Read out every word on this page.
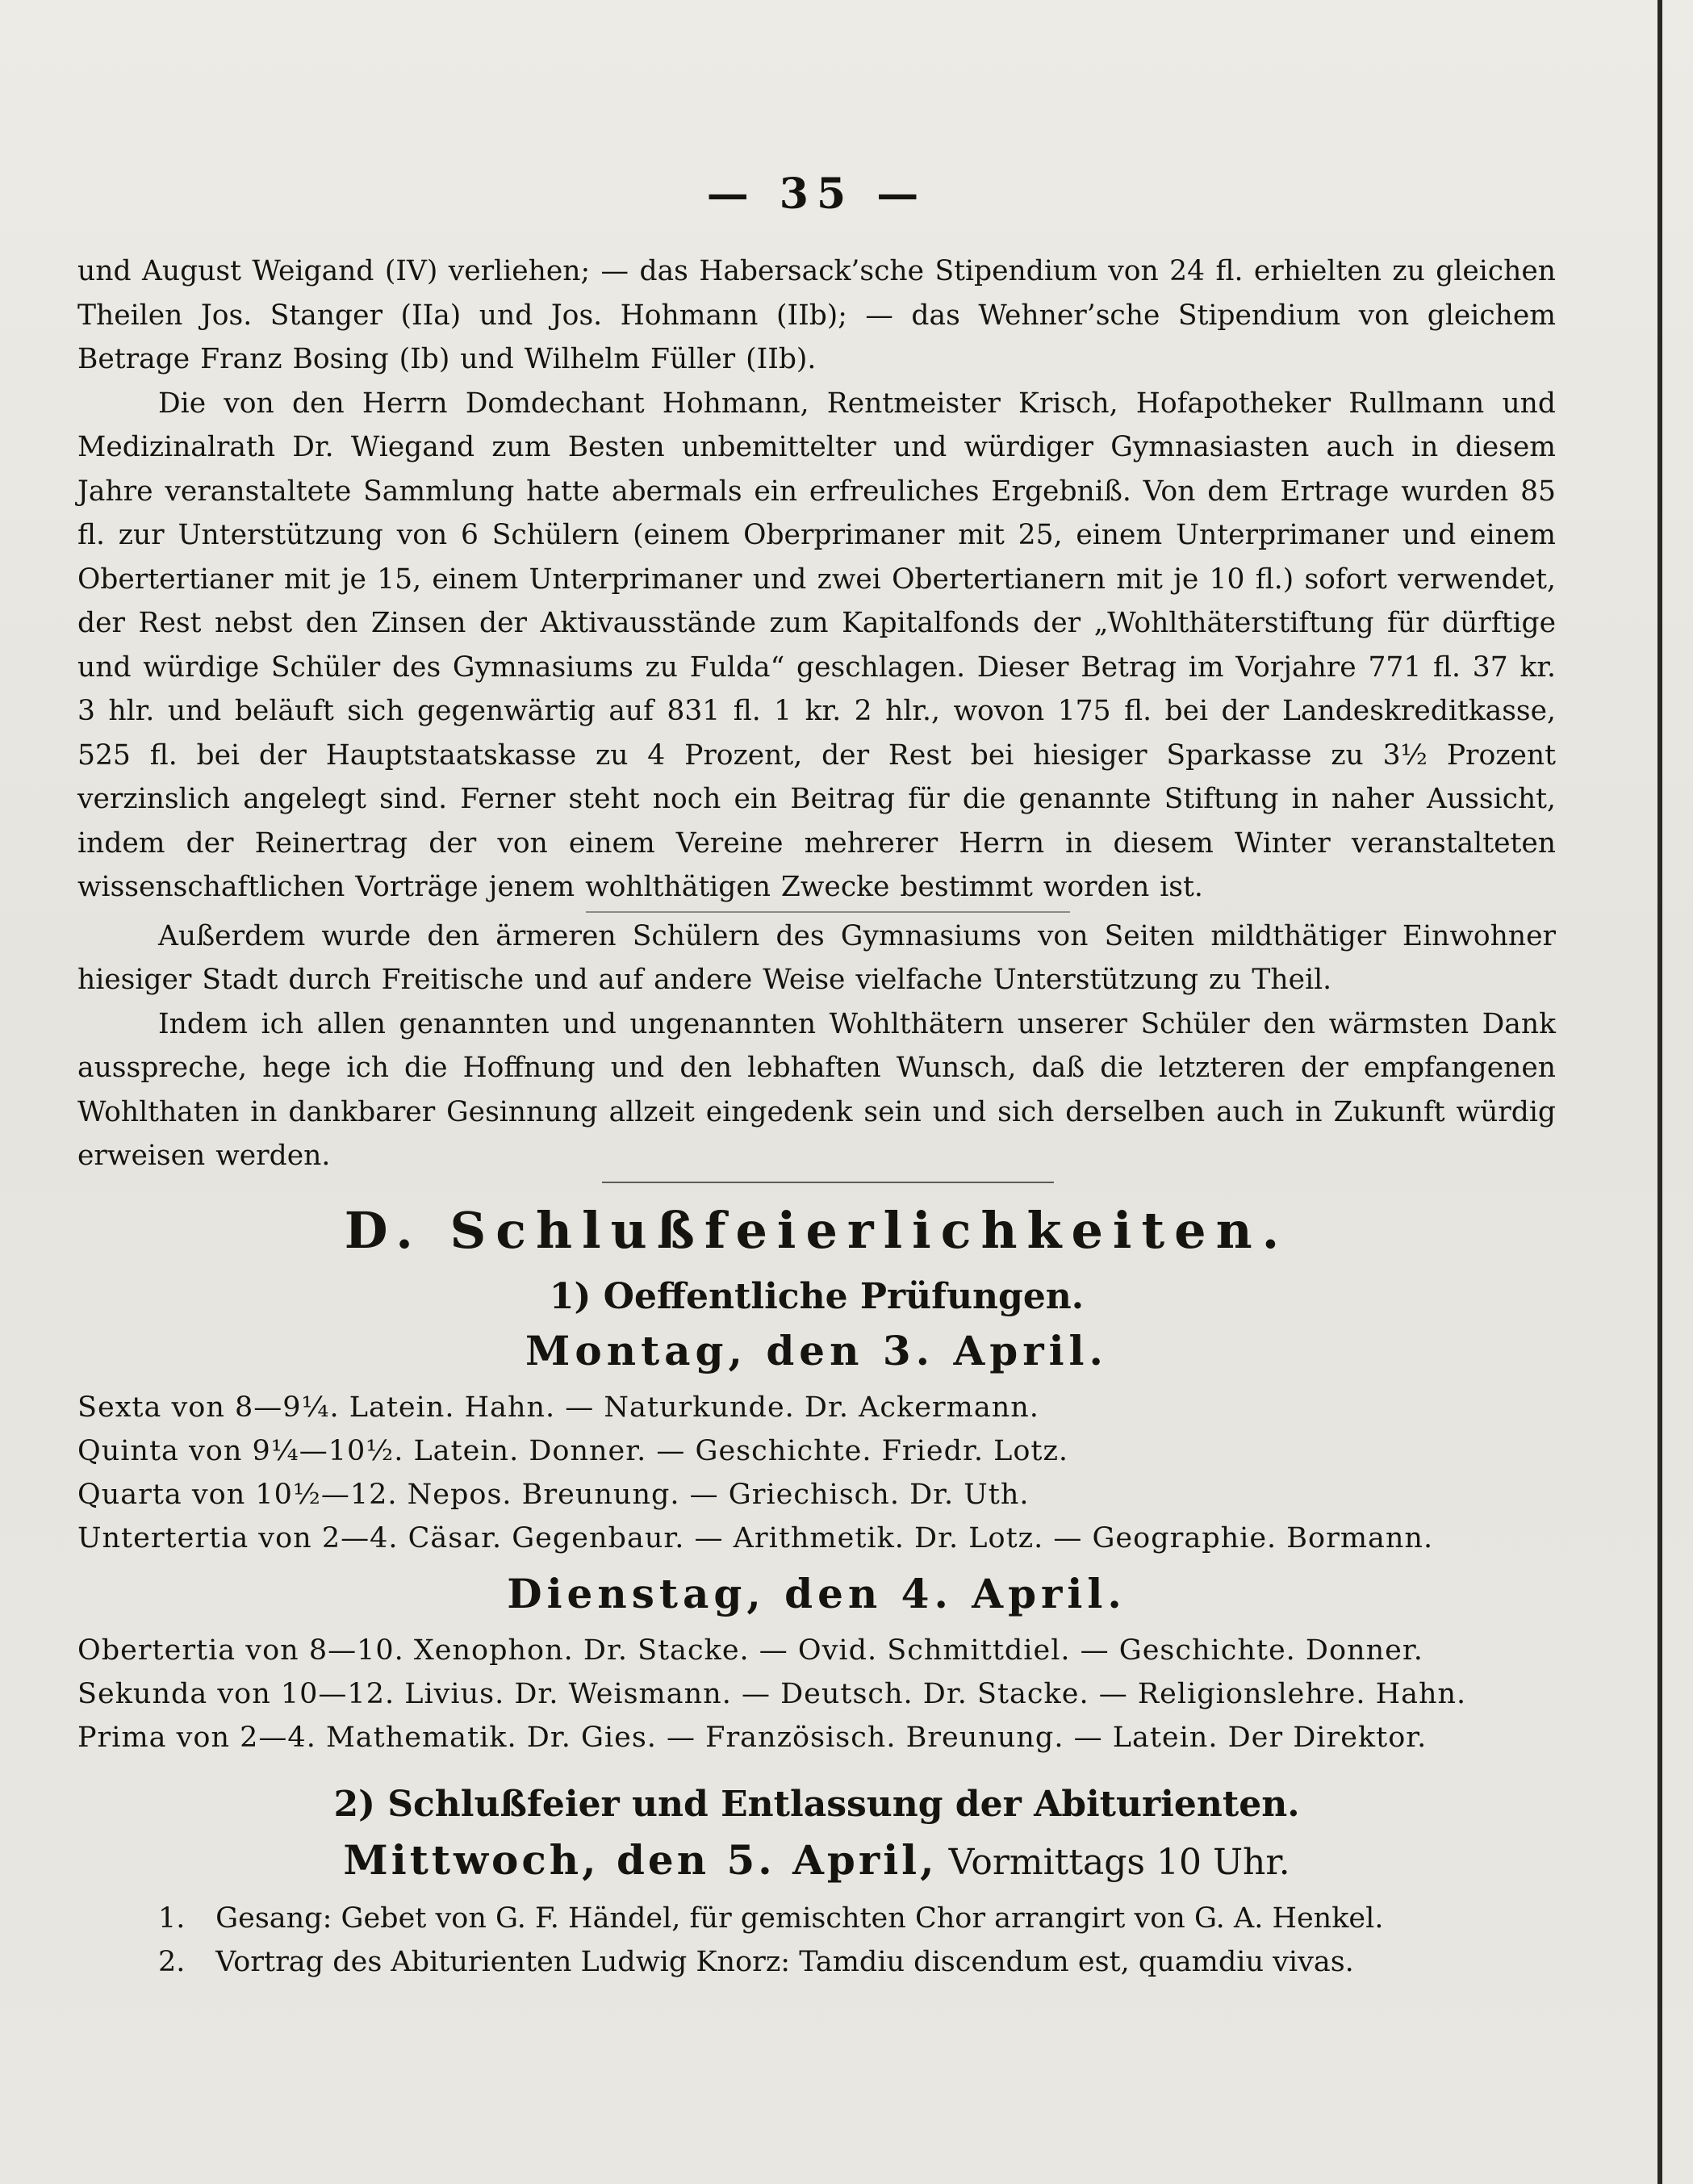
— 35 —

und August Weigand (IV) verliehen; — das Habersack’sche Stipendium von 24 fl. erhielten zu gleichen Theilen Jos. Stanger (IIa) und Jos. Hohmann (IIb); — das Wehner’sche Stipendium von gleichem Betrage Franz Bosing (Ib) und Wilhelm Füller (IIb).

Die von den Herrn Domdechant Hohmann, Rentmeister Krisch, Hofapotheker Rullmann und Medizinalrath Dr. Wiegand zum Besten unbemittelter und würdiger Gymnasiasten auch in diesem Jahre veranstaltete Sammlung hatte abermals ein erfreuliches Ergebniß. Von dem Ertrage wurden 85 fl. zur Unterstützung von 6 Schülern (einem Oberprimaner mit 25, einem Unterprimaner und einem Obertertianer mit je 15, einem Unterprimaner und zwei Obertertianern mit je 10 fl.) sofort verwendet, der Rest nebst den Zinsen der Aktivausstände zum Kapitalfonds der „Wohlthäterstiftung für dürftige und würdige Schüler des Gymnasiums zu Fulda“ geschlagen. Dieser Betrag im Vorjahre 771 fl. 37 kr. 3 hlr. und beläuft sich gegenwärtig auf 831 fl. 1 kr. 2 hlr., wovon 175 fl. bei der Landeskreditkasse, 525 fl. bei der Hauptstaatskasse zu 4 Prozent, der Rest bei hiesiger Sparkasse zu 3½ Prozent verzinslich angelegt sind. Ferner steht noch ein Beitrag für die genannte Stiftung in naher Aussicht, indem der Reinertrag der von einem Vereine mehrerer Herrn in diesem Winter veranstalteten wissenschaftlichen Vorträge jenem wohlthätigen Zwecke bestimmt worden ist.

Außerdem wurde den ärmeren Schülern des Gymnasiums von Seiten mildthätiger Einwohner hiesiger Stadt durch Freitische und auf andere Weise vielfache Unterstützung zu Theil.

Indem ich allen genannten und ungenannten Wohlthätern unserer Schüler den wärmsten Dank ausspreche, hege ich die Hoffnung und den lebhaften Wunsch, daß die letzteren der empfangenen Wohlthaten in dankbarer Gesinnung allzeit eingedenk sein und sich derselben auch in Zukunft würdig erweisen werden.

D. Schlußfeierlichkeiten.
1) Oeffentliche Prüfungen.
Montag, den 3. April.
Sexta von 8—9¼. Latein. Hahn. — Naturkunde. Dr. Ackermann.
Quinta von 9¼—10½. Latein. Donner. — Geschichte. Friedr. Lotz.
Quarta von 10½—12. Nepos. Breunung. — Griechisch. Dr. Uth.
Untertertia von 2—4. Cäsar. Gegenbaur. — Arithmetik. Dr. Lotz. — Geographie. Bormann.
Dienstag, den 4. April.
Obertertia von 8—10. Xenophon. Dr. Stacke. — Ovid. Schmittdiel. — Geschichte. Donner.
Sekunda von 10—12. Livius. Dr. Weismann. — Deutsch. Dr. Stacke. — Religionslehre. Hahn.
Prima von 2—4. Mathematik. Dr. Gies. — Französisch. Breunung. — Latein. Der Direktor.
2) Schlußfeier und Entlassung der Abiturienten.
Mittwoch, den 5. April, Vormittags 10 Uhr.
1. Gesang: Gebet von G. F. Händel, für gemischten Chor arrangirt von G. A. Henkel.
2. Vortrag des Abiturienten Ludwig Knorz: Tamdiu discendum est, quamdiu vivas.
